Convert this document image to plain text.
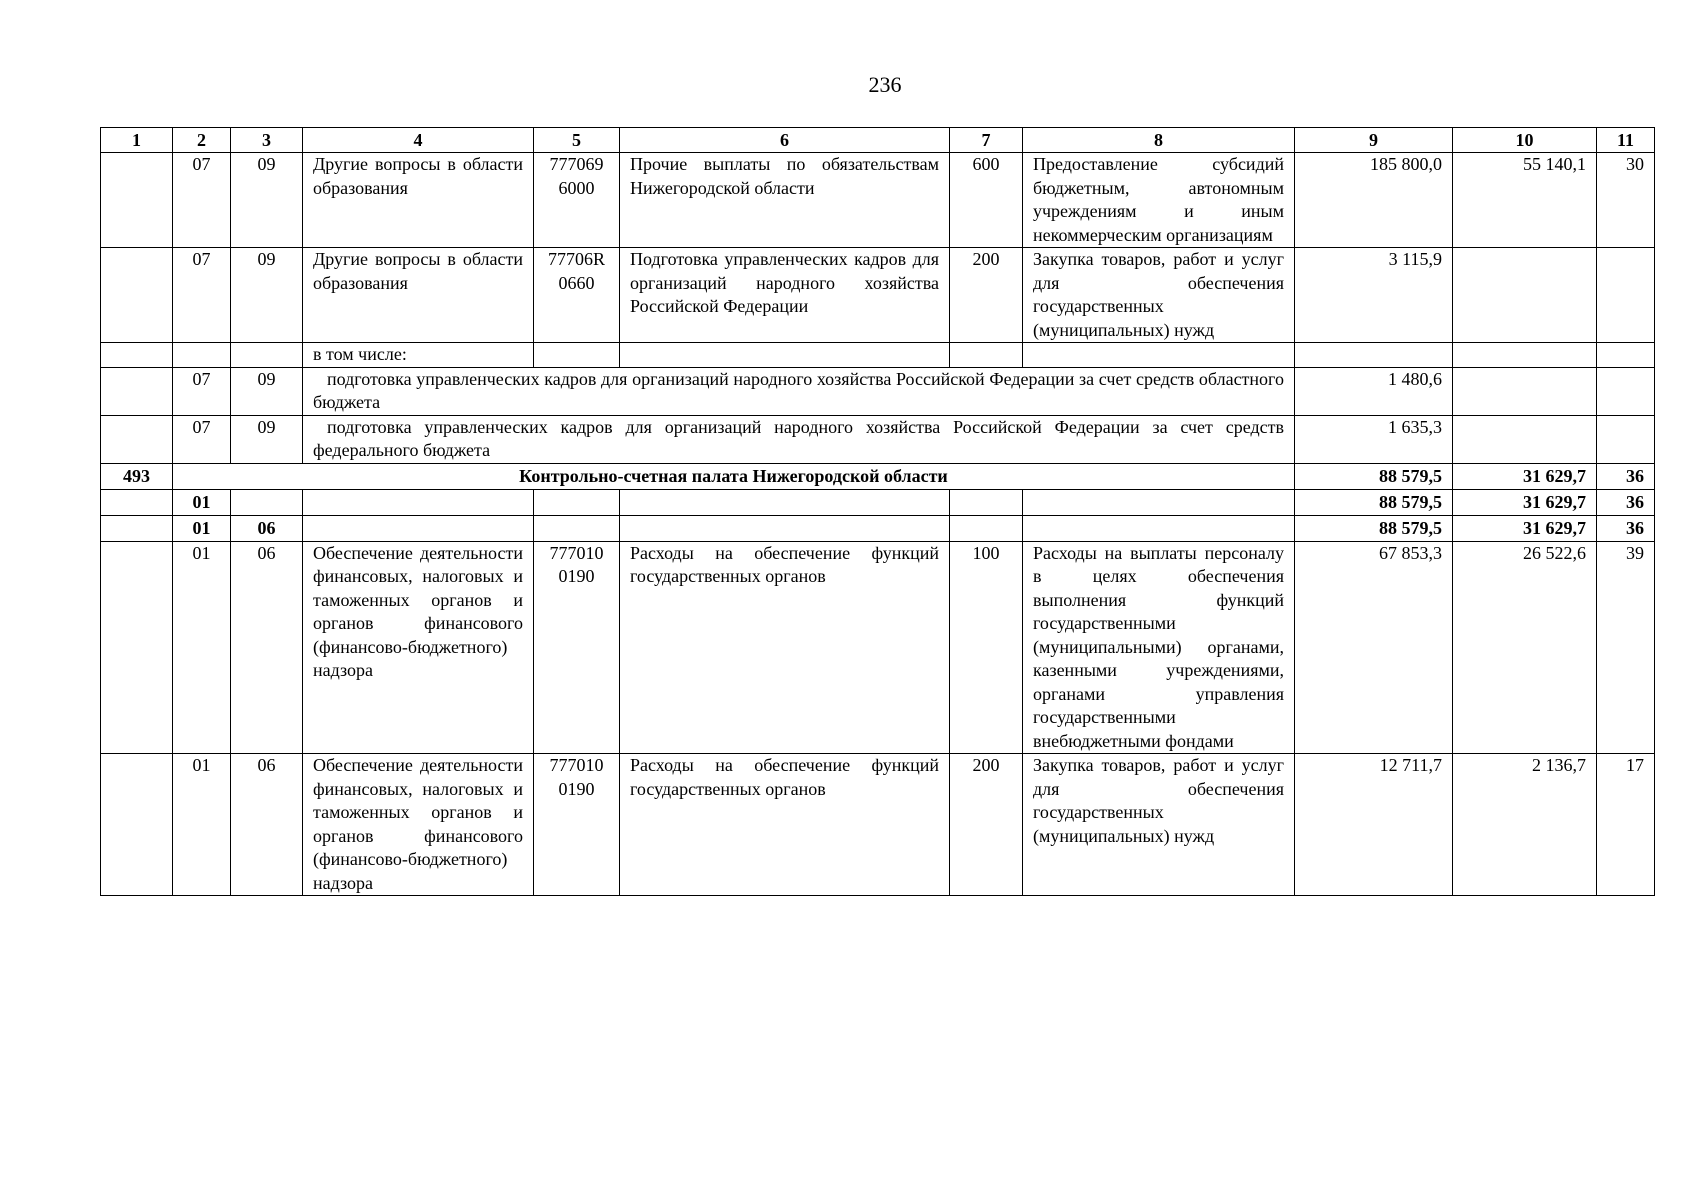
236
1	2	3	4	5	6	7	8	9	10	11
	07	09	Другие вопросы в области образования	777069 6000	Прочие выплаты по обязательствам Нижегородской области	600	Предоставление субсидий бюджетным, автономным учреждениям и иным некоммерческим организациям	185 800,0	55 140,1	30
	07	09	Другие вопросы в области образования	77706R 0660	Подготовка управленческих кадров для организаций народного хозяйства Российской Федерации	200	Закупка товаров, работ и услуг для обеспечения государственных (муниципальных) нужд	3 115,9		
			в том числе:							
	07	09	подготовка управленческих кадров для организаций народного хозяйства Российской Федерации за счет средств областного бюджета					1 480,6		
	07	09	подготовка управленческих кадров для организаций народного хозяйства Российской Федерации за счет средств федерального бюджета					1 635,3		
493	Контрольно-счетная палата Нижегородской области							88 579,5	31 629,7	36
	01							88 579,5	31 629,7	36
	01	06						88 579,5	31 629,7	36
	01	06	Обеспечение деятельности финансовых, налоговых и таможенных органов и органов финансового (финансово-бюджетного) надзора	777010 0190	Расходы на обеспечение функций государственных органов	100	Расходы на выплаты персоналу в целях обеспечения выполнения функций государственными (муниципальными) органами, казенными учреждениями, органами управления государственными внебюджетными фондами	67 853,3	26 522,6	39
	01	06	Обеспечение деятельности финансовых, налоговых и таможенных органов и органов финансового (финансово-бюджетного) надзора	777010 0190	Расходы на обеспечение функций государственных органов	200	Закупка товаров, работ и услуг для обеспечения государственных (муниципальных) нужд	12 711,7	2 136,7	17
